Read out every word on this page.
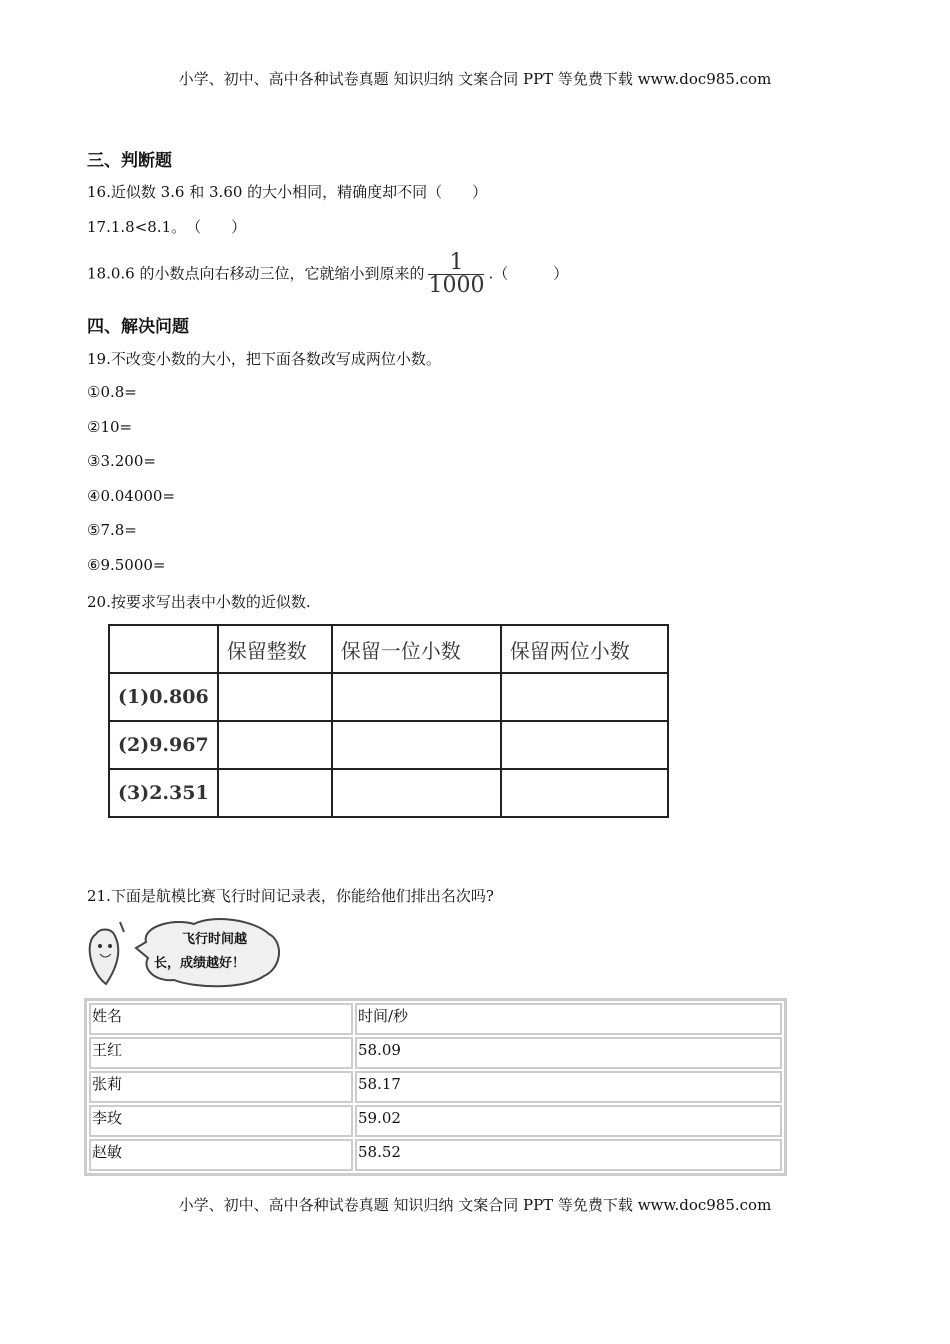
小学、初中、高中各种试卷真题 知识归纳 文案合同 PPT 等免费下载 www.doc985.com
三、判断题
16.近似数 3.6 和 3.60 的大小相同，精确度却不同（　　）
17.1.8<8.1。　（　　）
18.0.6 的小数点向右移动三位，它就缩小到原来的 $\frac{1}{1000}$ .（　　　）
四、解决问题
19.不改变小数的大小，把下面各数改写成两位小数。
①0.8=
②10=
③3.200=
④0.04000=
⑤7.8=
⑥9.5000=
20.按要求写出表中小数的近似数.
	保留整数	保留一位小数	保留两位小数
(1)0.806			
(2)9.967			
(3)2.351			
21.下面是航模比赛飞行时间记录表，你能给他们排出名次吗?
飞行时间越
长，成绩越好！
姓名	时间/秒
王红	58.09
张莉	58.17
李玫	59.02
赵敏	58.52
小学、初中、高中各种试卷真题 知识归纳 文案合同 PPT 等免费下载 www.doc985.com
